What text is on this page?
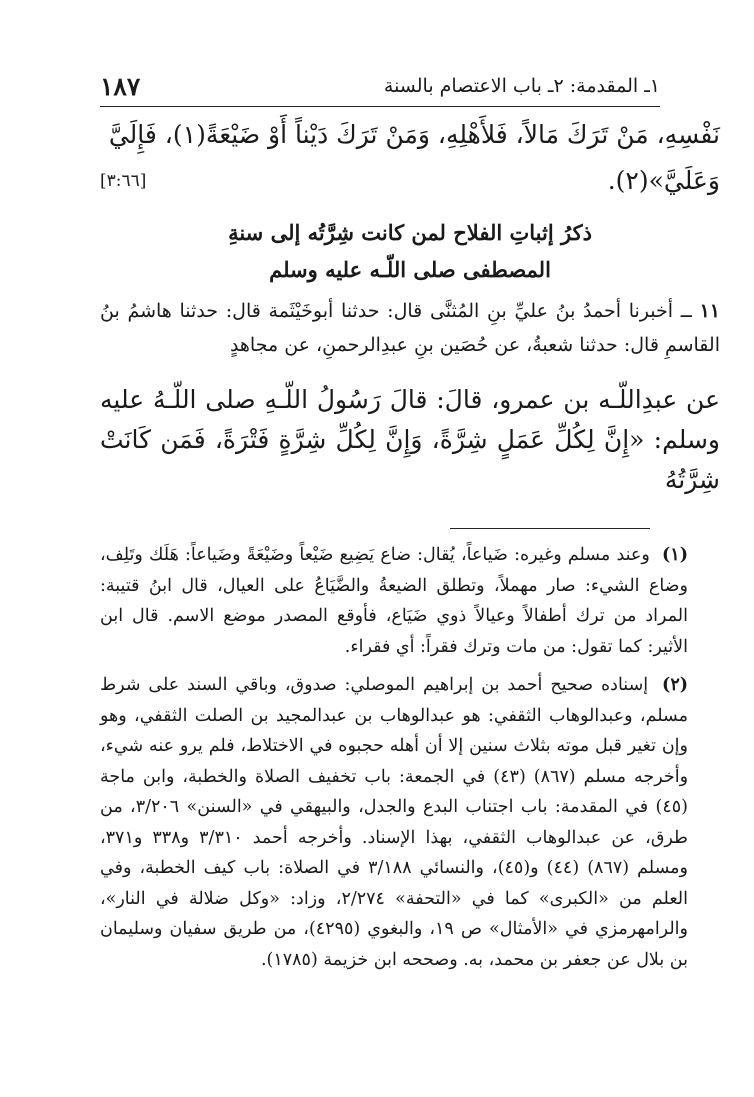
١ـ المقدمة: ٢ـ باب الاعتصام بالسنة
١٨٧

نَفْسِهِ، مَنْ تَرَكَ مَالاً، فَلأَهْلِهِ، وَمَنْ تَرَكَ دَيْناً أَوْ ضَيْعَةً(١)، فَإِلَيَّ وَعَلَيَّ»(٢).

[٣:٦٦]
ذكرُ إثباتِ الفلاح لمن كانت شِرَّتُه إلى سنةِ
المصطفى صلى اللّـه عليه وسلم

١١ ــ أخبرنا أحمدُ بنُ عليِّ بنِ المُثنَّى قال: حدثنا أبوخَيْثَمة قال: حدثنا هاشمُ بنُ القاسمِ قال: حدثنا شعبةُ، عن حُصَين بنِ عبدِالرحمنِ، عن مجاهدٍ

عن عبدِاللّـه بن عمرو، قالَ: قالَ رَسُولُ اللّـهِ صلى اللّـهُ عليه وسلم: «إِنَّ لِكُلِّ عَمَلٍ شِرَّةً، وَإِنَّ لِكُلِّ شِرَّةٍ فَتْرَةً، فَمَن كَانَتْ شِرَّتُهُ

(١) وعند مسلم وغيره: ضَياعاً، يُقال: ضاع يَضِيع ضَيْعاً وضَيْعَةً وضَياعاً: هَلَك وتَلِف، وضاع الشيء: صار مهملاً، وتطلق الضيعةُ والضَّيَاعُ على العيال، قال ابنُ قتيبة: المراد من ترك أطفالاً وعيالاً ذوي ضَيَاع، فأوقع المصدر موضع الاسم. قال ابن الأثير: كما تقول: من مات وترك فقراً: أي فقراء.

(٢) إسناده صحيح أحمد بن إبراهيم الموصلي: صدوق، وباقي السند على شرط مسلم، وعبدالوهاب الثقفي: هو عبدالوهاب بن عبدالمجيد بن الصلت الثقفي، وهو وإن تغير قبل موته بثلاث سنين إلا أن أهله حجبوه في الاختلاط، فلم يرو عنه شيء، وأخرجه مسلم (٨٦٧) (٤٣) في الجمعة: باب تخفيف الصلاة والخطبة، وابن ماجة (٤٥) في المقدمة: باب اجتناب البدع والجدل، والبيهقي في «السنن» ٣/٢٠٦، من طرق، عن عبدالوهاب الثقفي، بهذا الإسناد. وأخرجه أحمد ٣/٣١٠ و٣٣٨ و٣٧١، ومسلم (٨٦٧) (٤٤) و(٤٥)، والنسائي ٣/١٨٨ في الصلاة: باب كيف الخطبة، وفي العلم من «الكبرى» كما في «التحفة» ٢/٢٧٤، وزاد: «وكل ضلالة في النار»، والرامهرمزي في «الأمثال» ص ١٩، والبغوي (٤٢٩٥)، من طريق سفيان وسليمان بن بلال عن جعفر بن محمد، به. وصححه ابن خزيمة (١٧٨٥).
